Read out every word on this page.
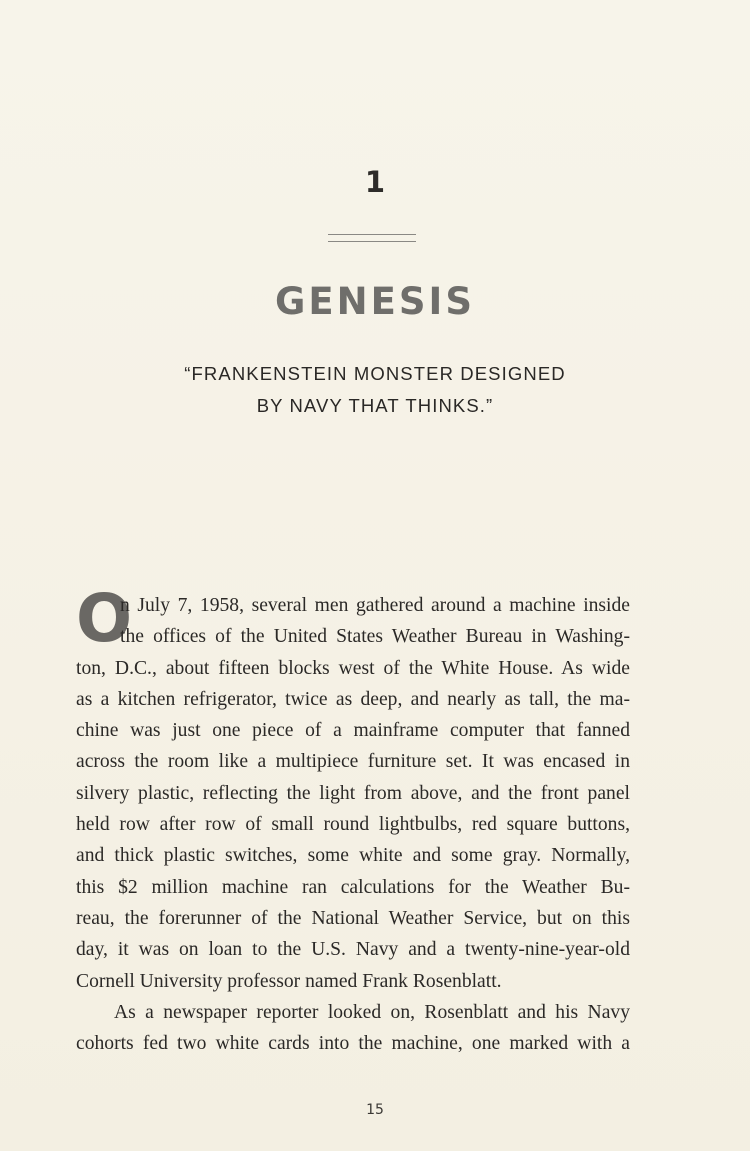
1
GENESIS
“FRANKENSTEIN MONSTER DESIGNED
BY NAVY THAT THINKS.”
O
n July 7, 1958, several men gathered around a machine inside
the offices of the United States Weather Bureau in Washing-
ton, D.C., about fifteen blocks west of the White House. As wide
as a kitchen refrigerator, twice as deep, and nearly as tall, the ma-
chine was just one piece of a mainframe computer that fanned
across the room like a multipiece furniture set. It was encased in
silvery plastic, reflecting the light from above, and the front panel
held row after row of small round lightbulbs, red square buttons,
and thick plastic switches, some white and some gray. Normally,
this $2 million machine ran calculations for the Weather Bu-
reau, the forerunner of the National Weather Service, but on this
day, it was on loan to the U.S. Navy and a twenty-nine-year-old
Cornell University professor named Frank Rosenblatt.
As a newspaper reporter looked on, Rosenblatt and his Navy
cohorts fed two white cards into the machine, one marked with a
15
